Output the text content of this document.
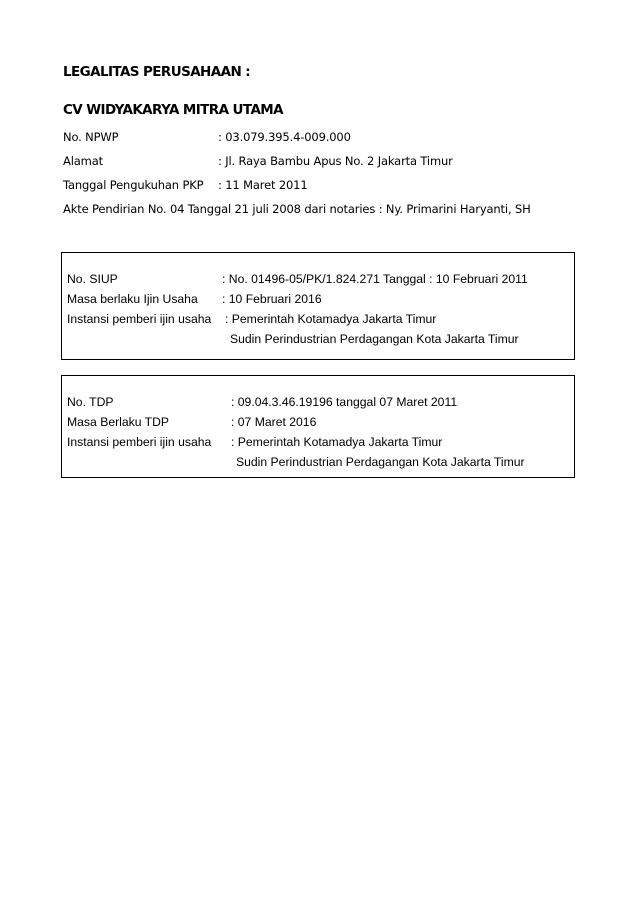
LEGALITAS PERUSAHAAN :
CV WIDYAKARYA MITRA UTAMA
No. NPWP	: 03.079.395.4-009.000
Alamat	: Jl. Raya Bambu Apus No. 2 Jakarta Timur
Tanggal Pengukuhan PKP : 11 Maret 2011
Akte Pendirian No. 04 Tanggal 21 juli 2008 dari notaries : Ny. Primarini Haryanti, SH
No. SIUP	: No. 01496-05/PK/1.824.271 Tanggal : 10 Februari 2011
Masa berlaku Ijin Usaha : 10 Februari 2016
Instansi pemberi ijin usaha : Pemerintah Kotamadya Jakarta Timur
Sudin Perindustrian Perdagangan Kota Jakarta Timur
No. TDP	: 09.04.3.46.19196 tanggal 07 Maret 2011
Masa Berlaku TDP	: 07 Maret 2016
Instansi pemberi ijin usaha : Pemerintah Kotamadya Jakarta Timur
Sudin Perindustrian Perdagangan Kota Jakarta Timur
